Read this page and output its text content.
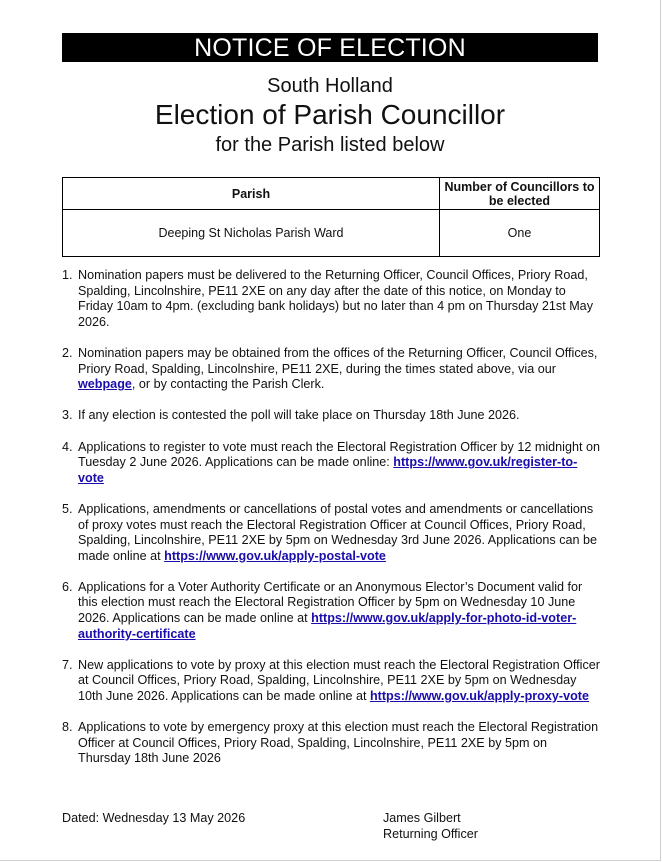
NOTICE OF ELECTION
South Holland
Election of Parish Councillor
for the Parish listed below
Parish	Number of Councillors to be elected
Deeping St Nicholas Parish Ward	One
1. Nomination papers must be delivered to the Returning Officer, Council Offices, Priory Road, Spalding, Lincolnshire, PE11 2XE on any day after the date of this notice, on Monday to Friday 10am to 4pm. (excluding bank holidays) but no later than 4 pm on Thursday 21st May 2026.
2. Nomination papers may be obtained from the offices of the Returning Officer, Council Offices, Priory Road, Spalding, Lincolnshire, PE11 2XE, during the times stated above, via our webpage, or by contacting the Parish Clerk.
3. If any election is contested the poll will take place on Thursday 18th June 2026.
4. Applications to register to vote must reach the Electoral Registration Officer by 12 midnight on Tuesday 2 June 2026. Applications can be made online: https://www.gov.uk/register-to-vote
5. Applications, amendments or cancellations of postal votes and amendments or cancellations of proxy votes must reach the Electoral Registration Officer at Council Offices, Priory Road, Spalding, Lincolnshire, PE11 2XE by 5pm on Wednesday 3rd June 2026. Applications can be made online at https://www.gov.uk/apply-postal-vote
6. Applications for a Voter Authority Certificate or an Anonymous Elector’s Document valid for this election must reach the Electoral Registration Officer by 5pm on Wednesday 10 June 2026. Applications can be made online at https://www.gov.uk/apply-for-photo-id-voter-authority-certificate
7. New applications to vote by proxy at this election must reach the Electoral Registration Officer at Council Offices, Priory Road, Spalding, Lincolnshire, PE11 2XE by 5pm on Wednesday 10th June 2026. Applications can be made online at https://www.gov.uk/apply-proxy-vote
8. Applications to vote by emergency proxy at this election must reach the Electoral Registration Officer at Council Offices, Priory Road, Spalding, Lincolnshire, PE11 2XE by 5pm on Thursday 18th June 2026
Dated: Wednesday 13 May 2026	James Gilbert
Returning Officer
